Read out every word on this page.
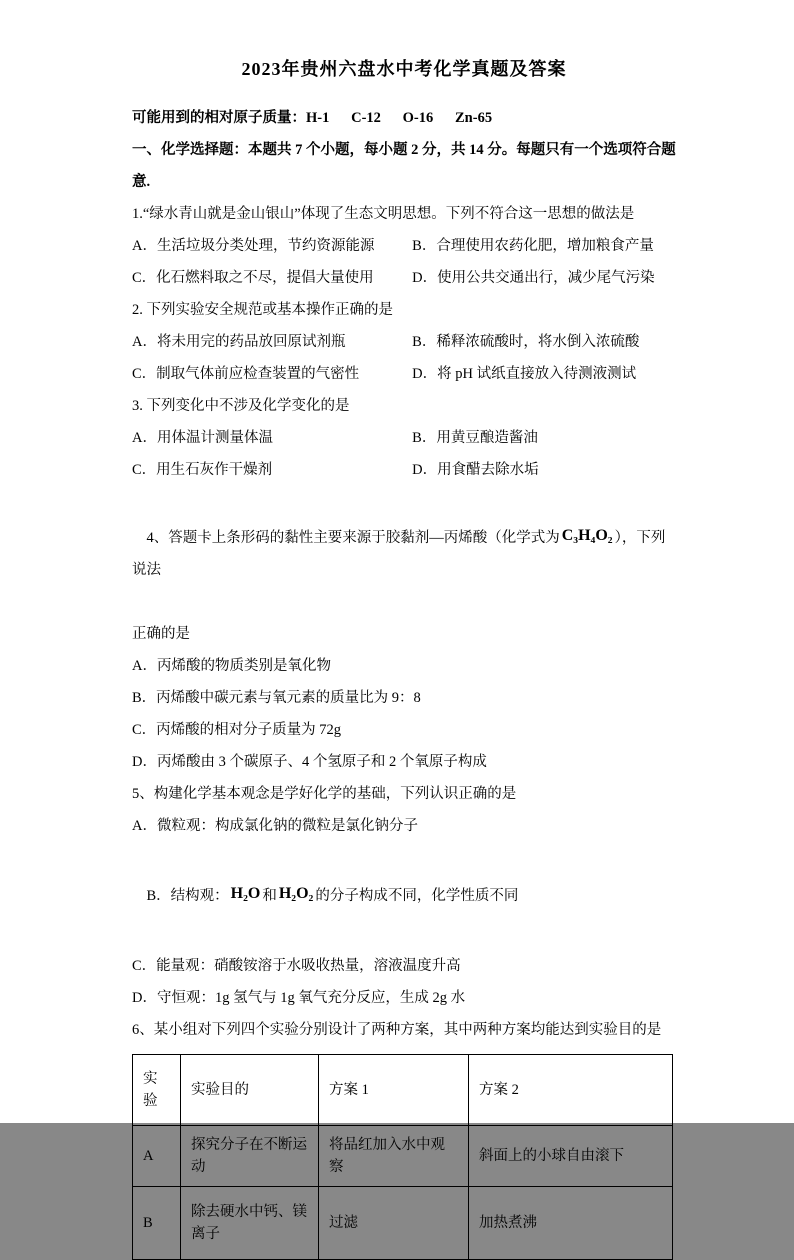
2023年贵州六盘水中考化学真题及答案
可能用到的相对原子质量：H-1      C-12      O-16      Zn-65
一、化学选择题：本题共 7 个小题，每小题 2 分，共 14 分。每题只有一个选项符合题意.
1.“绿水青山就是金山银山”体现了生态文明思想。下列不符合这一思想的做法是
A．生活垃圾分类处理，节约资源能源	B．合理使用农药化肥，增加粮食产量
C．化石燃料取之不尽，提倡大量使用	D．使用公共交通出行，减少尾气污染
2. 下列实验安全规范或基本操作正确的是
A．将未用完的药品放回原试剂瓶	B．稀释浓硫酸时，将水倒入浓硫酸
C．制取气体前应检查装置的气密性	D．将 pH 试纸直接放入待测液测试
3. 下列变化中不涉及化学变化的是
A．用体温计测量体温	B．用黄豆酿造酱油
C．用生石灰作干燥剂	D．用食醋去除水垢

4、答题卡上条形码的黏性主要来源于胶黏剂—丙烯酸（化学式为 C₃H₄O₂ ），下列说法

正确的是
A．丙烯酸的物质类别是氧化物
B．丙烯酸中碳元素与氧元素的质量比为 9：8
C．丙烯酸的相对分子质量为 72g
D．丙烯酸由 3 个碳原子、4 个氢原子和 2 个氧原子构成
5、构建化学基本观念是学好化学的基础，下列认识正确的是
A．微粒观：构成氯化钠的微粒是氯化钠分子

B．结构观： H₂O 和 H₂O₂ 的分子构成不同，化学性质不同

C．能量观：硝酸铵溶于水吸收热量，溶液温度升高
D．守恒观：1g 氢气与 1g 氧气充分反应，生成 2g 水
6、某小组对下列四个实验分别设计了两种方案，其中两种方案均能达到实验目的是
实验	实验目的	方案 1	方案 2
A	探究分子在不断运动	将品红加入水中观察	斜面上的小球自由滚下
B	除去硬水中钙、镁离子	过滤	加热煮沸
